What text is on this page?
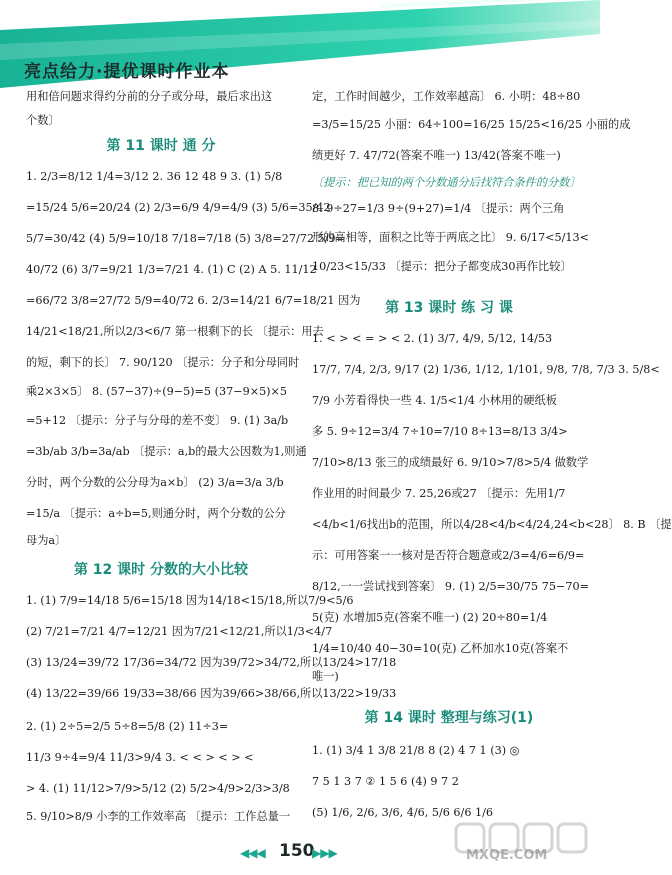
亮点给力·提优课时作业本
用和倍问题求得约分前的分子或分母，最后求出这
个数〕
第 11 课时 通 分
1. 2/3=8/12 1/4=3/12 2. 36 12 48 9 3. (1) 5/8
=15/24 5/6=20/24 (2) 2/3=6/9 4/9=4/9 (3) 5/6=35/42
5/7=30/42 (4) 5/9=10/18 7/18=7/18 (5) 3/8=27/72 5/9=
40/72 (6) 3/7=9/21 1/3=7/21 4. (1) C (2) A 5. 11/12
=66/72 3/8=27/72 5/9=40/72 6. 2/3=14/21 6/7=18/21 因为
14/21<18/21,所以2/3<6/7 第一根剩下的长 〔提示：用去
的短，剩下的长〕 7. 90/120 〔提示：分子和分母同时
乘2×3×5〕 8. (57−37)÷(9−5)=5 (37−9×5)×5
=5+12 〔提示：分子与分母的差不变〕 9. (1) 3a/b
=3b/ab 3/b=3a/ab 〔提示：a,b的最大公因数为1,则通
分时，两个分数的公分母为a×b〕 (2) 3/a=3/a 3/b
=15/a 〔提示：a÷b=5,则通分时，两个分数的公分
母为a〕
第 12 课时 分数的大小比较
1. (1) 7/9=14/18 5/6=15/18 因为14/18<15/18,所以7/9<5/6
(2) 7/21=7/21 4/7=12/21 因为7/21<12/21,所以1/3<4/7
(3) 13/24=39/72 17/36=34/72 因为39/72>34/72,所以13/24>17/18
(4) 13/22=39/66 19/33=38/66 因为39/66>38/66,所以13/22>19/33
2. (1) 2÷5=2/5 5÷8=5/8 (2) 11÷3=
11/3 9÷4=9/4 11/3>9/4 3. < < > < > <
> 4. (1) 11/12>7/9>5/12 (2) 5/2>4/9>2/3>3/8
5. 9/10>8/9 小李的工作效率高 〔提示：工作总量一
定，工作时间越少，工作效率越高〕 6. 小明：48÷80
=3/5=15/25 小丽：64÷100=16/25 15/25<16/25 小丽的成
绩更好 7. 47/72(答案不唯一) 13/42(答案不唯一)
〔提示：把已知的两个分数通分后找符合条件的分数〕
8. 9÷27=1/3 9÷(9+27)=1/4 〔提示：两个三角
形的高相等，面积之比等于两底之比〕 9. 6/17<5/13<
10/23<15/33 〔提示：把分子都变成30再作比较〕
第 13 课时 练 习 课
1. < > < = > < 2. (1) 3/7, 4/9, 5/12, 14/53
17/7, 7/4, 2/3, 9/17 (2) 1/36, 1/12, 1/101, 9/8, 7/8, 7/3 3. 5/8<
7/9 小芳看得快一些 4. 1/5<1/4 小林用的硬纸板
多 5. 9÷12=3/4 7÷10=7/10 8÷13=8/13 3/4>
7/10>8/13 张三的成绩最好 6. 9/10>7/8>5/4 做数学
作业用的时间最少 7. 25,26或27 〔提示：先用1/7
<4/b<1/6找出b的范围，所以4/28<4/b<4/24,24<b<28〕 8. B 〔提
示：可用答案一一核对是否符合题意或2/3=4/6=6/9=
8/12,一一尝试找到答案〕 9. (1) 2/5=30/75 75−70=
5(克) 水增加5克(答案不唯一) (2) 20÷80=1/4
1/4=10/40 40−30=10(克) 乙杯加水10克(答案不
唯一)
第 14 课时 整理与练习(1)
1. (1) 3/4 1 3/8 21/8 8 (2) 4 7 1 (3) ◎
7 5 1 3 7 ② 1 5 6 (4) 9 7 2
(5) 1/6, 2/6, 3/6, 4/6, 5/6 6/6 1/6
◀◀◀ 150
▶▶▶	MXQE.COM
